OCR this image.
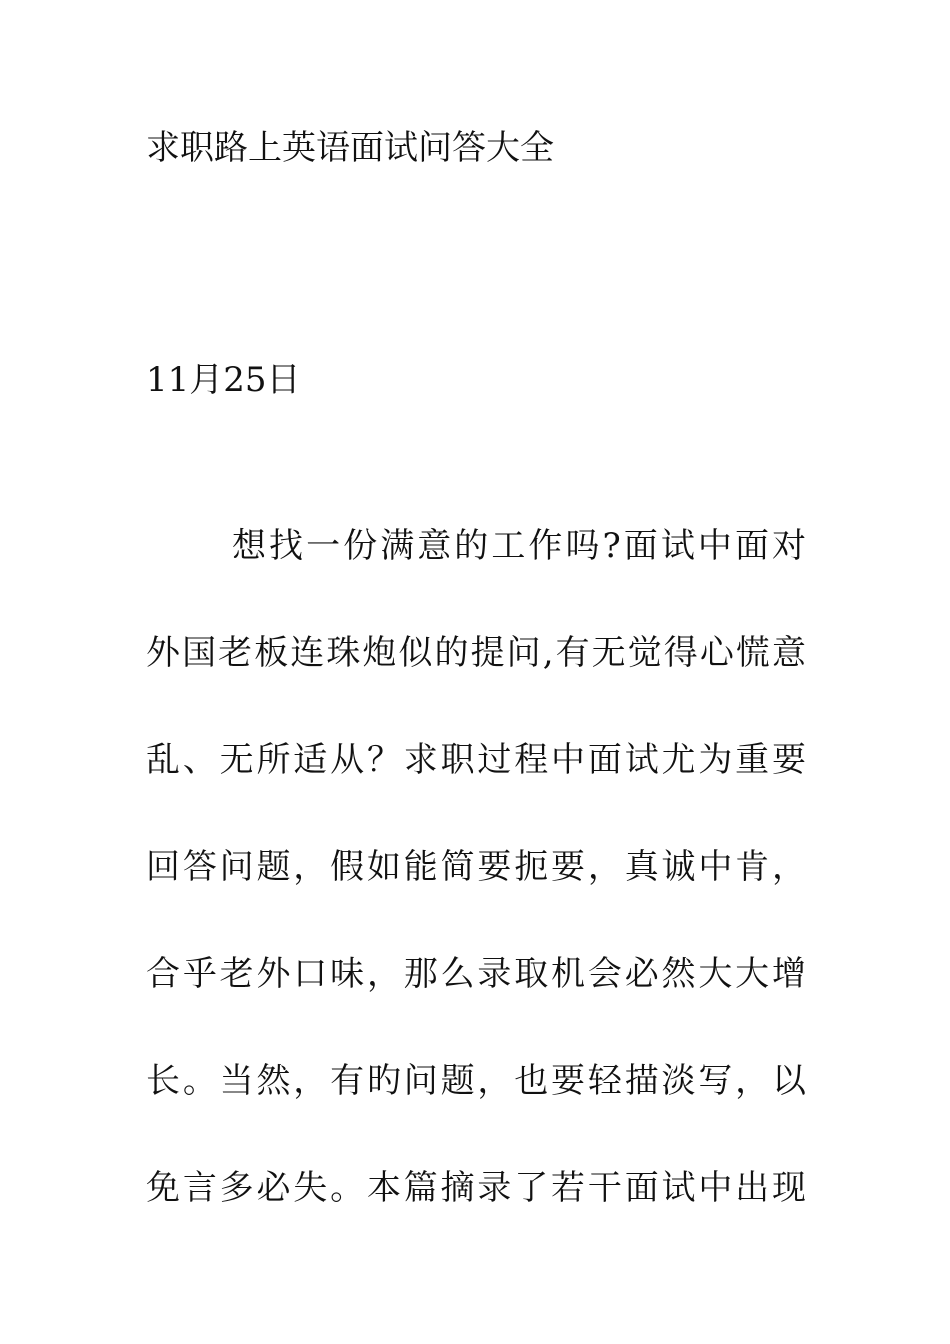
求职路上英语面试问答大全
11月25日
想找一份满意的工作吗?面试中面对
外国老板连珠炮似的提问,有无觉得心慌意
乱、无所适从？求职过程中面试尤为重要
回答问题，假如能简要扼要，真诚中肯，
合乎老外口味，那么录取机会必然大大增
长。当然，有旳问题，也要轻描淡写，以
免言多必失。本篇摘录了若干面试中出现
